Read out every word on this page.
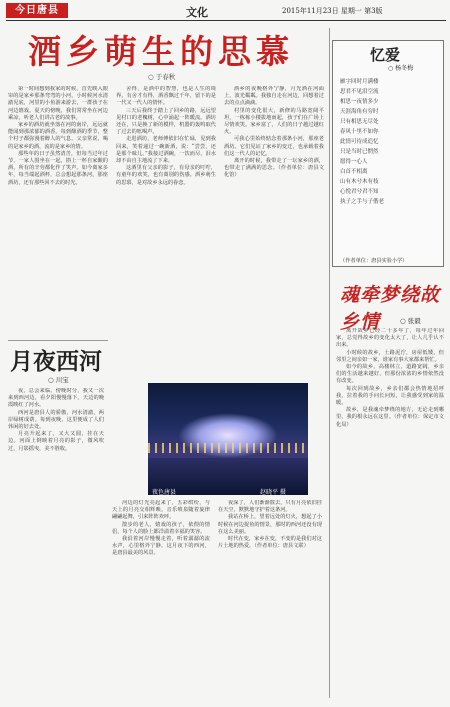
今日唐县	文化	2015年11月23日 星期一 第3版
酒乡萌生的思慕
○ 于春秋

第一时间想到我家的时候，首先映入眼帘的是家乡那条弯弯的小河，小时候河水清澈见底，河里的小鱼游来游去，一群孩子在河边嬉戏。夏天的傍晚，我们常常坐在河边乘凉，听老人们讲古老的故事。

家乡的酒坊就坐落在河的南岸，远远就能闻到那浓郁的酒香。每到酿酒的季节，整个村子都弥漫着醉人的气息。父亲常说，喝的是家乡的酒，流的是家乡的情。

那些年的日子虽然清苦，但每当过年过节，一家人围坐在一起，斟上一杯自家酿的酒，所有的辛劳都化作了笑声。如今离家多年，每当端起酒杯，总会想起那条河，那座酒坊，还有那些回不去的时光。

舍得，是酒中的智慧，也是人生的境界。有舍才有得，酒香飘过千年，留下的是一代又一代人的情怀。

三天后我终于踏上了回乡的路，远远望见村口的老槐树，心中涌起一阵暖流。酒坊还在，只是换了新的模样，机器的轰鸣取代了过去的吆喝声。

走进酒坊，老师傅依旧在忙碌，见到我回来，笑着递过一碗新酒，说：“尝尝，还是那个味儿。”我接过酒碗，一饮而尽，泪水却不由自主地流了下来。

这酒里有父亲的影子，有母亲的叮咛，有童年的欢笑，也有离别的伤感。酒乡萌生的思慕，是对故乡永远的眷恋。

酒乡的夜晚格外宁静，月光洒在河面上，波光粼粼。我独自走在河边，回想着过去的点点滴滴。

村里的变化很大，新修的马路宽阔平坦，一栋栋小楼拔地而起，孩子们在广场上尽情欢笑。家乡富了，人们的日子越过越红火。

可我心里始终惦念着那条小河，那座老酒坊。它们见证了家乡的变迁，也承载着我们这一代人的记忆。

离开的时候，我带走了一坛家乡的酒，也带走了满满的思念。（作者单位：唐县文化馆）

月夜西河
○ 川宝

夜，总会来临。傍晚时分，我又一次来到西河边，看夕阳慢慢落下，天边的晚霞映红了河水。

西河是唐县人的骄傲，河水清澈，两岸绿树成荫。每到夜晚，这里便成了人们休闲的好去处。

月亮升起来了，又大又圆，挂在天边。河面上倒映着月亮的影子，微风吹过，月影摇曳，美不胜收。

夜色唐县	赵晓平 摄

河边的灯光亮起来了，五彩缤纷，与天上的月亮交相辉映。音乐喷泉随着旋律翩翩起舞，引来阵阵欢呼。

散步的老人，嬉戏的孩子，依偎的情侣，每个人的脸上都洋溢着幸福的笑容。

我沿着河岸慢慢走着，听着潺潺的流水声，心里格外宁静。这月夜下的西河，是唐县最美的风景。

夜深了，人们渐渐散去，只有月亮依旧挂在天空，默默地守护着这条河。

我站在桥上，望着远处的灯火，想起了小时候在河边捉鱼的情景，那时的西河还没有现在这么美丽。

时代在变，家乡在变，不变的是我们对这片土地的热爱。（作者单位：唐县文联）

忆爱
○ 杨冬梅
雁字回时月满楼
思君不见泪空流
相思一夜情多少
天涯海角有穷时
只有相思无尽处
春风十里不如你
此情可待成追忆
只是当时已惘然
愿得一心人
白首不相离
山有木兮木有枝
心悦君兮君不知
执子之手与子偕老
（作者单位：唐县实验小学）
魂牵梦绕故乡情	○ 张毅

离开故乡已经二十多年了，每年过年回家，总觉得故乡的变化太大了，让人几乎认不出来。

小时候的故乡，土路泥泞，房屋低矮，但邻里之间亲如一家，谁家有事大家都来帮忙。

如今的故乡，高楼林立，道路宽阔，乡亲们的生活越来越好，但那份浓浓的乡情依然没有改变。

每次回到故乡，乡亲们都会热情地招呼我，拉着我的手问长问短，让我感受到家的温暖。

故乡，是我魂牵梦绕的地方，无论走到哪里，我的根永远在这里。（作者单位：保定市文化局）
